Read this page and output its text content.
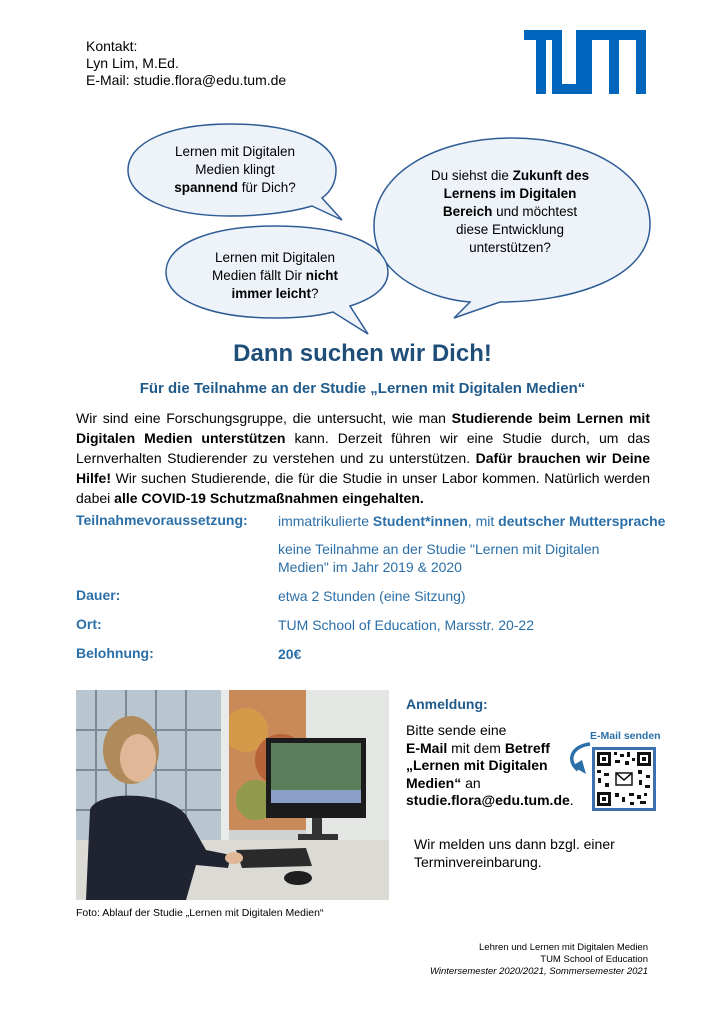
Kontakt:
Lyn Lim, M.Ed.
E-Mail: studie.flora@edu.tum.de
Lernen mit Digitalen
Medien klingt
spannend für Dich?
Lernen mit Digitalen
Medien fällt Dir nicht
immer leicht?
Du siehst die Zukunft des
Lernens im Digitalen
Bereich und möchtest
diese Entwicklung
unterstützen?
Dann suchen wir Dich!
Für die Teilnahme an der Studie „Lernen mit Digitalen Medien“
Wir sind eine Forschungsgruppe, die untersucht, wie man Studierende beim Lernen mit Digitalen Medien unterstützen kann. Derzeit führen wir eine Studie durch, um das Lernverhalten Studierender zu verstehen und zu unterstützen. Dafür brauchen wir Deine Hilfe! Wir suchen Studierende, die für die Studie in unser Labor kommen. Natürlich werden dabei alle COVID-19 Schutzmaßnahmen eingehalten.
Teilnahmevoraussetzung: immatrikulierte Student*innen, mit deutscher Muttersprache
keine Teilnahme an der Studie "Lernen mit Digitalen Medien" im Jahr 2019 & 2020
Dauer:	etwa 2 Stunden (eine Sitzung)
Ort:	TUM School of Education, Marsstr. 20-22
Belohnung:	20€
Foto: Ablauf der Studie „Lernen mit Digitalen Medien“
Anmeldung:
Bitte sende eine
E-Mail mit dem Betreff „Lernen mit Digitalen Medien“ an studie.flora@edu.tum.de.
E-Mail senden
Wir melden uns dann bzgl. einer Terminvereinbarung.
Lehren und Lernen mit Digitalen Medien
TUM School of Education
Wintersemester 2020/2021, Sommersemester 2021
